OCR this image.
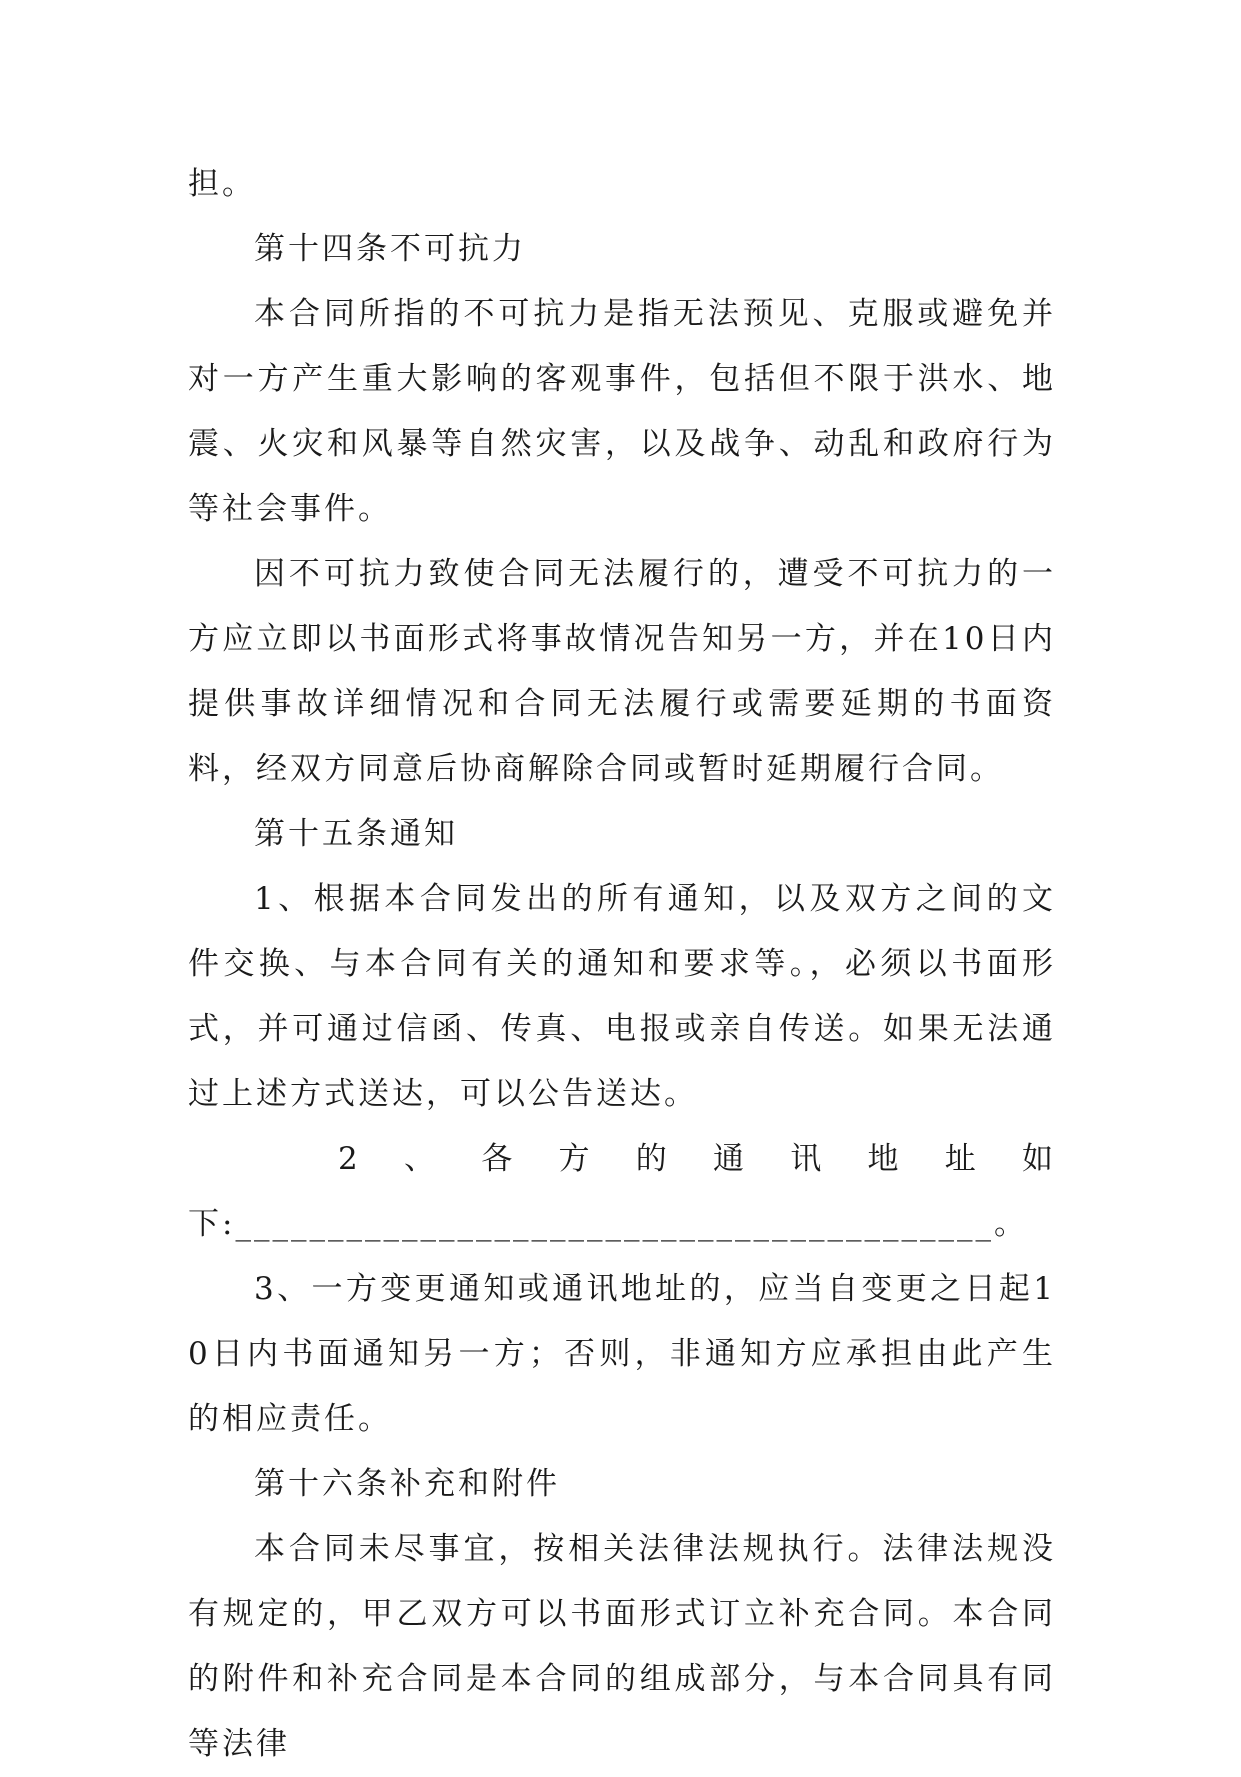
担。

第十四条不可抗力

本合同所指的不可抗力是指无法预见、克服或避免并对一方产生重大影响的客观事件，包括但不限于洪水、地震、火灾和风暴等自然灾害，以及战争、动乱和政府行为等社会事件。

因不可抗力致使合同无法履行的，遭受不可抗力的一方应立即以书面形式将事故情况告知另一方，并在10日内提供事故详细情况和合同无法履行或需要延期的书面资料，经双方同意后协商解除合同或暂时延期履行合同。

第十五条通知

1、根据本合同发出的所有通知，以及双方之间的文件交换、与本合同有关的通知和要求等。，必须以书面形式，并可通过信函、传真、电报或亲自传送。如果无法通过上述方式送达，可以公告送达。

2 、 各 方 的 通 讯 地 址 如

下:_________________________________________。

3、一方变更通知或通讯地址的，应当自变更之日起10日内书面通知另一方；否则，非通知方应承担由此产生的相应责任。

第十六条补充和附件

本合同未尽事宜，按相关法律法规执行。法律法规没有规定的，甲乙双方可以书面形式订立补充合同。本合同的附件和补充合同是本合同的组成部分，与本合同具有同等法律
